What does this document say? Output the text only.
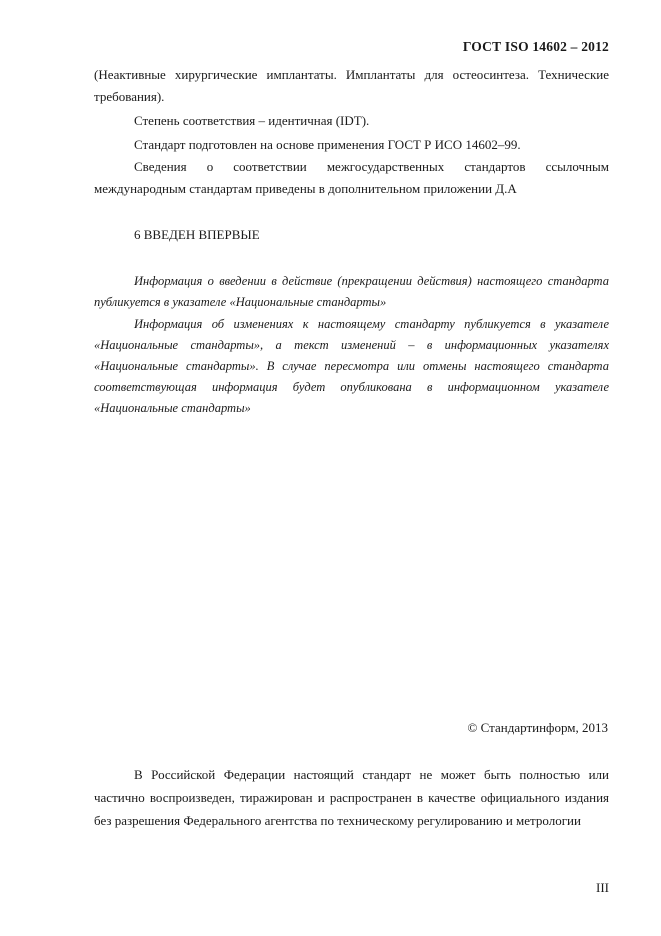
ГОСТ ISO 14602 – 2012

(Неактивные хирургические имплантаты. Имплантаты для остеосинтеза. Технические требования).

Степень соответствия – идентичная (IDT).

Стандарт подготовлен на основе применения ГОСТ Р ИСО 14602–99.

Сведения о соответствии межгосударственных стандартов ссылочным международным стандартам приведены в дополнительном приложении Д.А

6 ВВЕДЕН ВПЕРВЫЕ

Информация о введении в действие (прекращении действия) настоящего стандарта публикуется в указателе «Национальные стандарты»

Информация об изменениях к настоящему стандарту публикуется в указателе «Национальные стандарты», а текст изменений – в информационных указателях «Национальные стандарты». В случае пересмотра или отмены настоящего стандарта соответствующая информация будет опубликована в информационном указателе «Национальные стандарты»

© Стандартинформ, 2013
В Российской Федерации настоящий стандарт не может быть полностью или частично воспроизведен, тиражирован и распространен в качестве официального издания без разрешения Федерального агентства по техническому регулированию и метрологии
III
